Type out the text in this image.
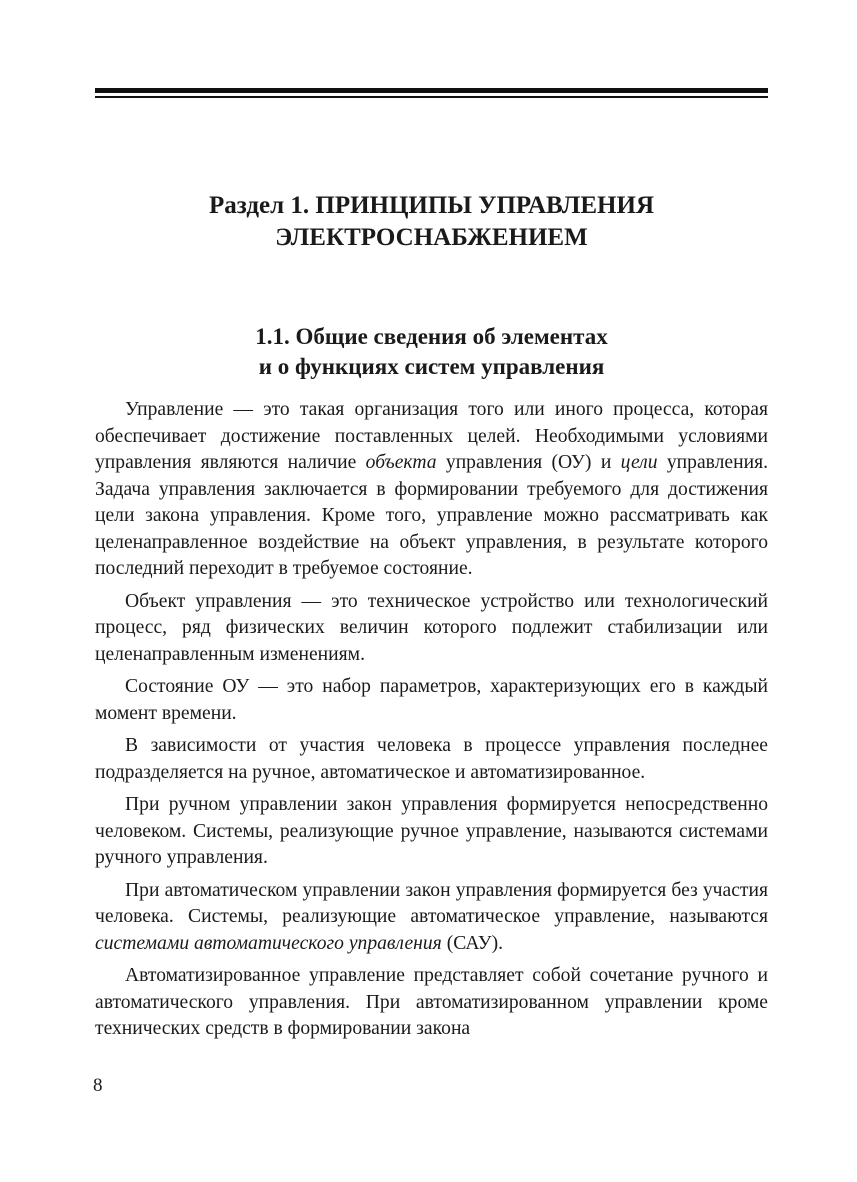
Раздел 1. ПРИНЦИПЫ УПРАВЛЕНИЯ
ЭЛЕКТРОСНАБЖЕНИЕМ
1.1. Общие сведения об элементах
и о функциях систем управления

Управление — это такая организация того или иного процесса, которая обеспечивает достижение поставленных целей. Необходимыми условиями управления являются наличие объекта управления (ОУ) и цели управления. Задача управления заключается в формировании требуемого для достижения цели закона управления. Кроме того, управление можно рассматривать как целенаправленное воздействие на объект управления, в результате которого последний переходит в требуемое состояние.

Объект управления — это техническое устройство или технологический процесс, ряд физических величин которого подлежит стабилизации или целенаправленным изменениям.

Состояние ОУ — это набор параметров, характеризующих его в каждый момент времени.

В зависимости от участия человека в процессе управления последнее подразделяется на ручное, автоматическое и автоматизированное.

При ручном управлении закон управления формируется непосредственно человеком. Системы, реализующие ручное управление, называются системами ручного управления.

При автоматическом управлении закон управления формируется без участия человека. Системы, реализующие автоматическое управление, называются системами автоматического управления (САУ).

Автоматизированное управление представляет собой сочетание ручного и автоматического управления. При автоматизированном управлении кроме технических средств в формировании закона

8
